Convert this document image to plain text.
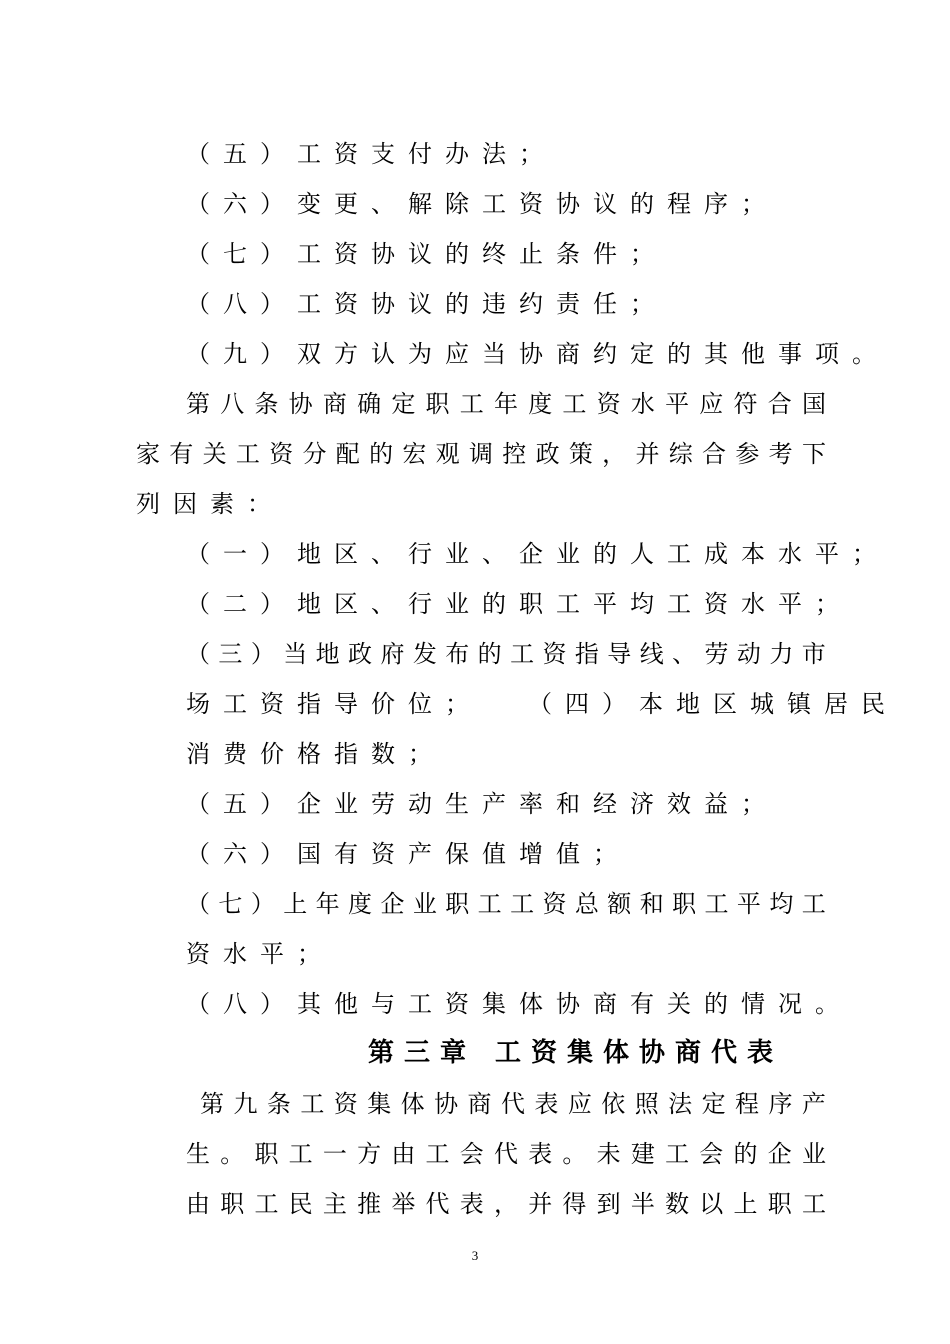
（五）工资支付办法；
（六）变更、解除工资协议的程序；
（七）工资协议的终止条件；
（八）工资协议的违约责任；
（九）双方认为应当协商约定的其他事项。
第 八 条 协 商 确 定 职 工 年 度 工 资 水 平 应 符 合 国
家 有 关 工 资 分 配 的 宏 观 调 控 政 策 ， 并 综 合 参 考 下
列因素：
（一）地区、行业、企业的人工成本水平；
（二）地区、行业的职工平均工资水平；
（ 三 ） 当 地 政 府 发 布 的 工 资 指 导 线 、 劳 动 力 市
场工资指导价位； （四）本地区城镇居民
消费价格指数；
（五）企业劳动生产率和经济效益；
（六）国有资产保值增值；
（ 七 ） 上 年 度 企 业 职 工 工 资 总 额 和 职 工 平 均 工
资水平；
（八）其他与工资集体协商有关的情况。
第三章 工资集体协商代表
第 九 条 工 资 集 体 协 商 代 表 应 依 照 法 定 程 序 产
生 。 职 工 一 方 由 工 会 代 表 。 未 建 工 会 的 企 业
由 职 工 民 主 推 举 代 表 ， 并 得 到 半 数 以 上 职 工
3
